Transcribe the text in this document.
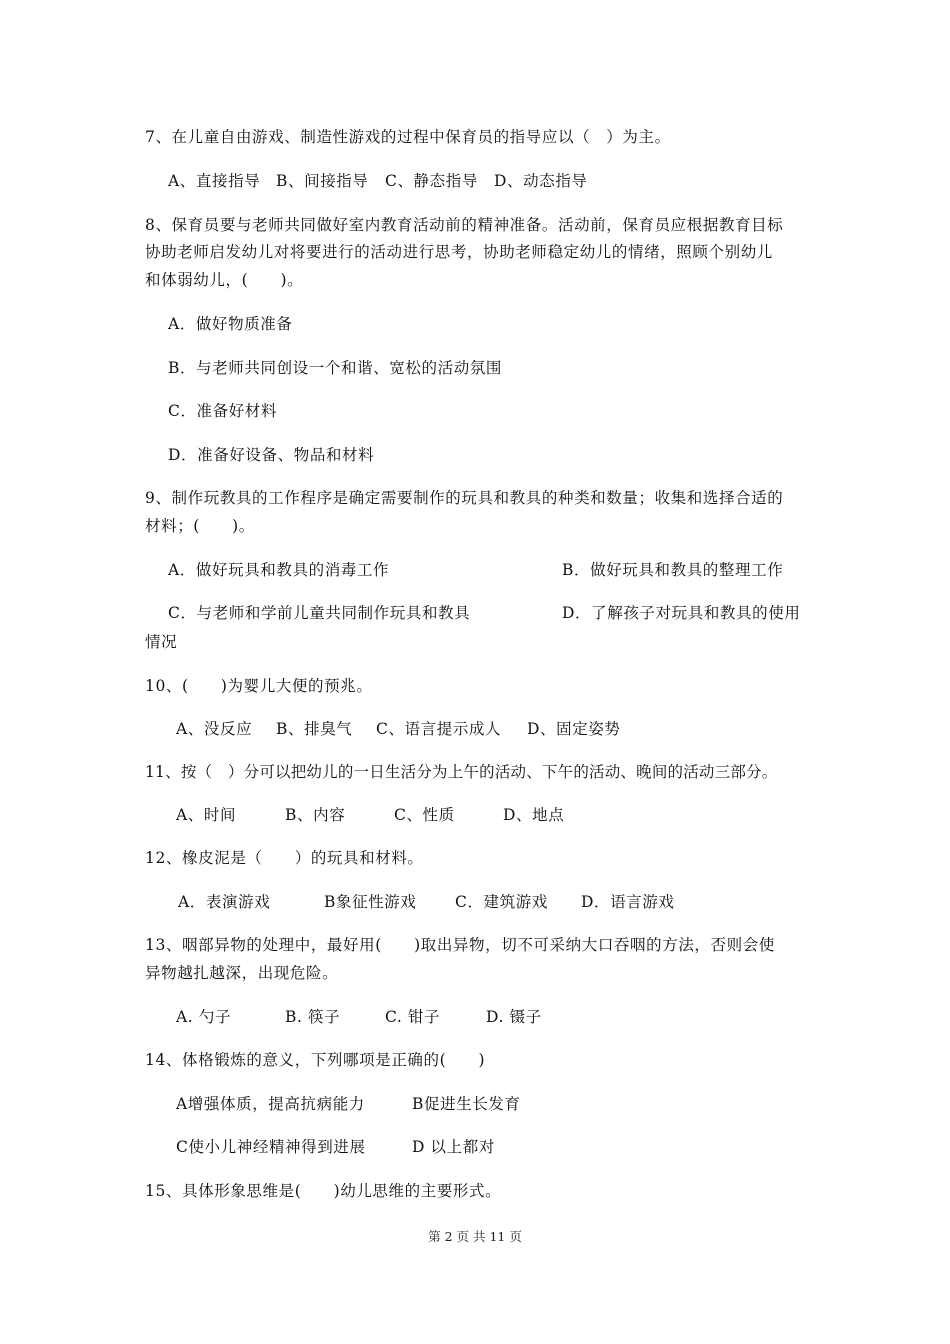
7、在儿童自由游戏、制造性游戏的过程中保育员的指导应以（　）为主。
A、直接指导 B、间接指导 C、静态指导 D、动态指导
8、保育员要与老师共同做好室内教育活动前的精神准备。活动前，保育员应根据教育目标
协助老师启发幼儿对将要进行的活动进行思考，协助老师稳定幼儿的情绪，照顾个别幼儿
和体弱幼儿，(　　)。
A．做好物质准备
B．与老师共同创设一个和谐、宽松的活动氛围
C．准备好材料
D．准备好设备、物品和材料
9、制作玩教具的工作程序是确定需要制作的玩具和教具的种类和数量；收集和选择合适的
材料；(　　)。
A．做好玩具和教具的消毒工作	B．做好玩具和教具的整理工作
C．与老师和学前儿童共同制作玩具和教具	D．了解孩子对玩具和教具的使用
情况
10、(　　)为婴儿大便的预兆。
A、没反应 B、排臭气 C、语言提示成人 D、固定姿势
11、按（　）分可以把幼儿的一日生活分为上午的活动、下午的活动、晚间的活动三部分。
A、时间	B、内容	C、性质	D、地点
12、橡皮泥是（　　）的玩具和材料。
A．表演游戏	B象征性游戏 C．建筑游戏 D．语言游戏
13、咽部异物的处理中，最好用(　　)取出异物，切不可采纳大口吞咽的方法，否则会使
异物越扎越深，出现危险。
A. 勺子	B. 筷子	C. 钳子	D. 镊子
14、体格锻炼的意义，下列哪项是正确的(　　)
A增强体质，提高抗病能力	B促进生长发育
C使小儿神经精神得到进展	D 以上都对
15、具体形象思维是(　　)幼儿思维的主要形式。
第 2 页 共 11 页
